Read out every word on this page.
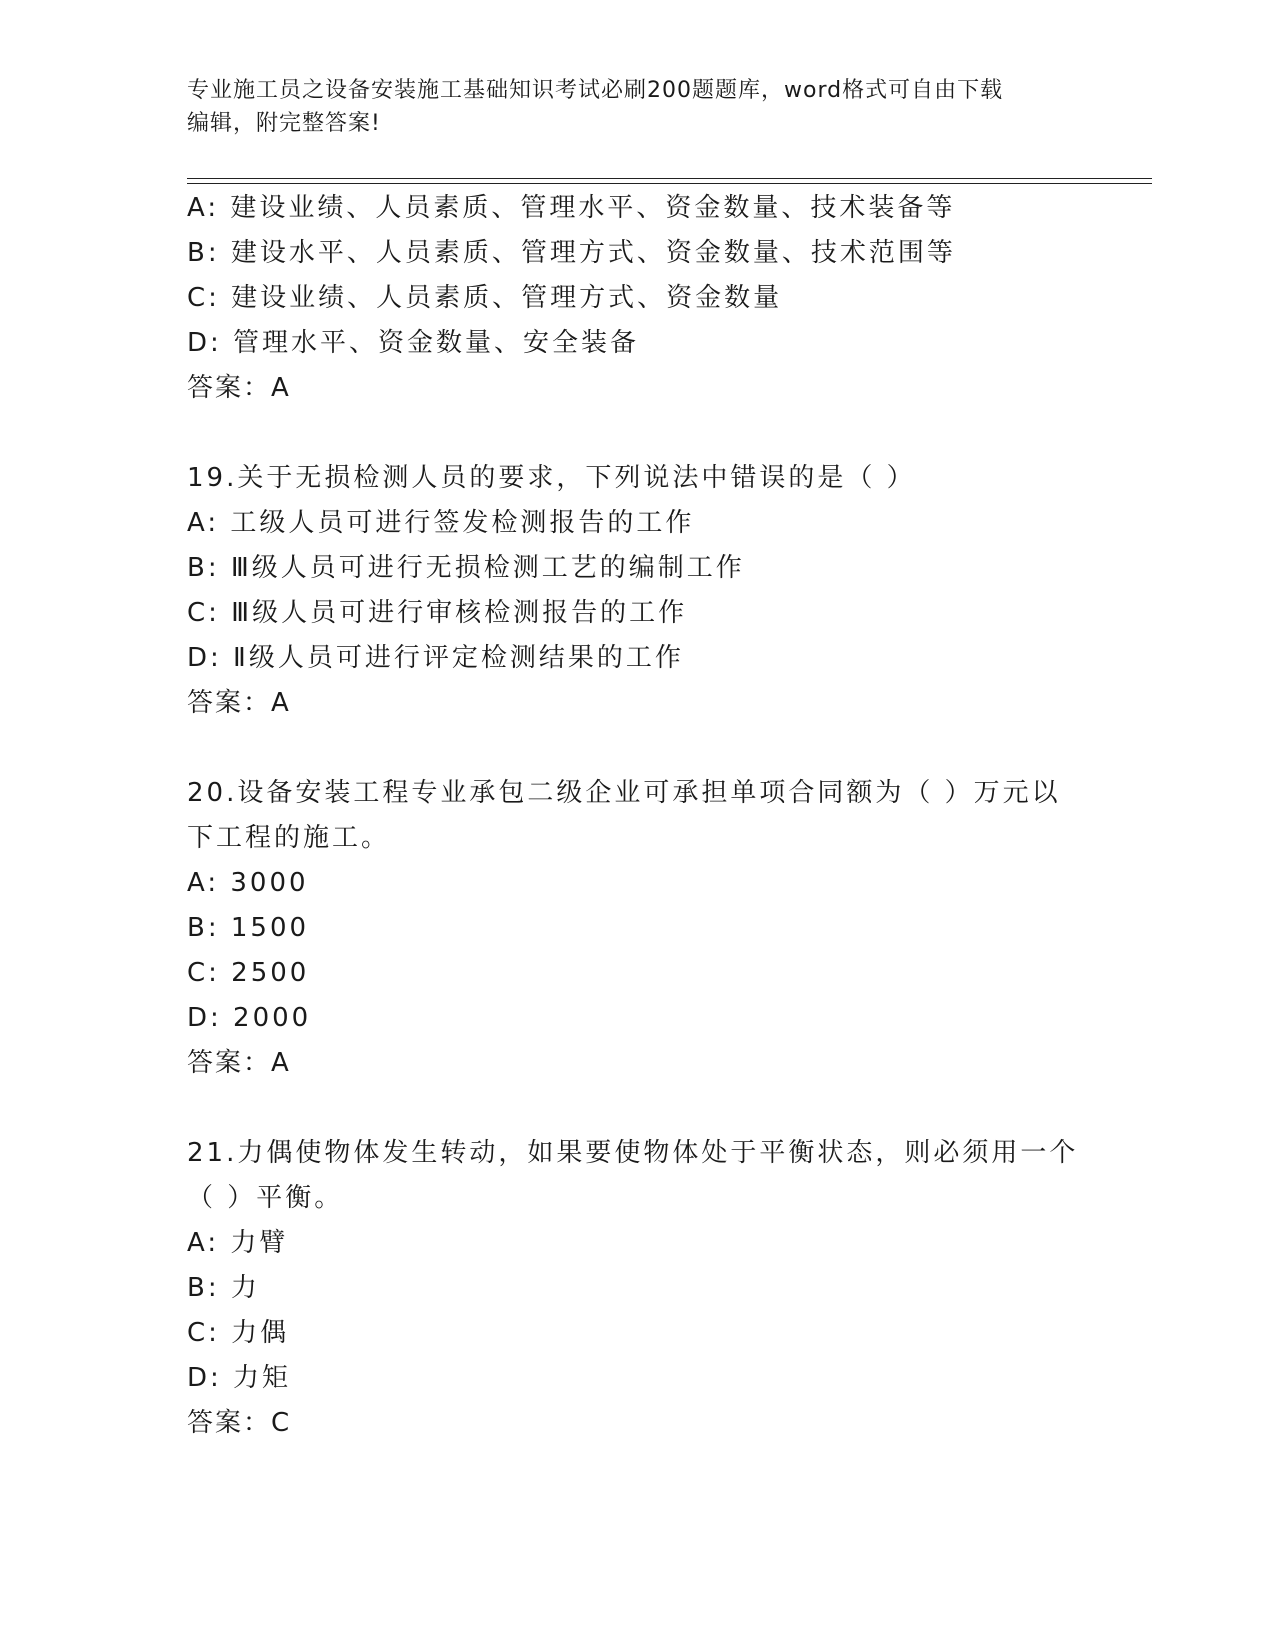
专业施工员之设备安装施工基础知识考试必刷200题题库，word格式可自由下载
编辑，附完整答案!
A: 建设业绩、人员素质、管理水平、资金数量、技术装备等
B: 建设水平、人员素质、管理方式、资金数量、技术范围等
C: 建设业绩、人员素质、管理方式、资金数量
D: 管理水平、资金数量、安全装备
答案：A
19.关于无损检测人员的要求，下列说法中错误的是（ ）
A: 工级人员可进行签发检测报告的工作
B: Ⅲ级人员可进行无损检测工艺的编制工作
C: Ⅲ级人员可进行审核检测报告的工作
D: Ⅱ级人员可进行评定检测结果的工作
答案：A
20.设备安装工程专业承包二级企业可承担单项合同额为（ ）万元以
下工程的施工。
A: 3000
B: 1500
C: 2500
D: 2000
答案：A
21.力偶使物体发生转动，如果要使物体处于平衡状态，则必须用一个
（ ）平衡。
A: 力臂
B: 力
C: 力偶
D: 力矩
答案：C
